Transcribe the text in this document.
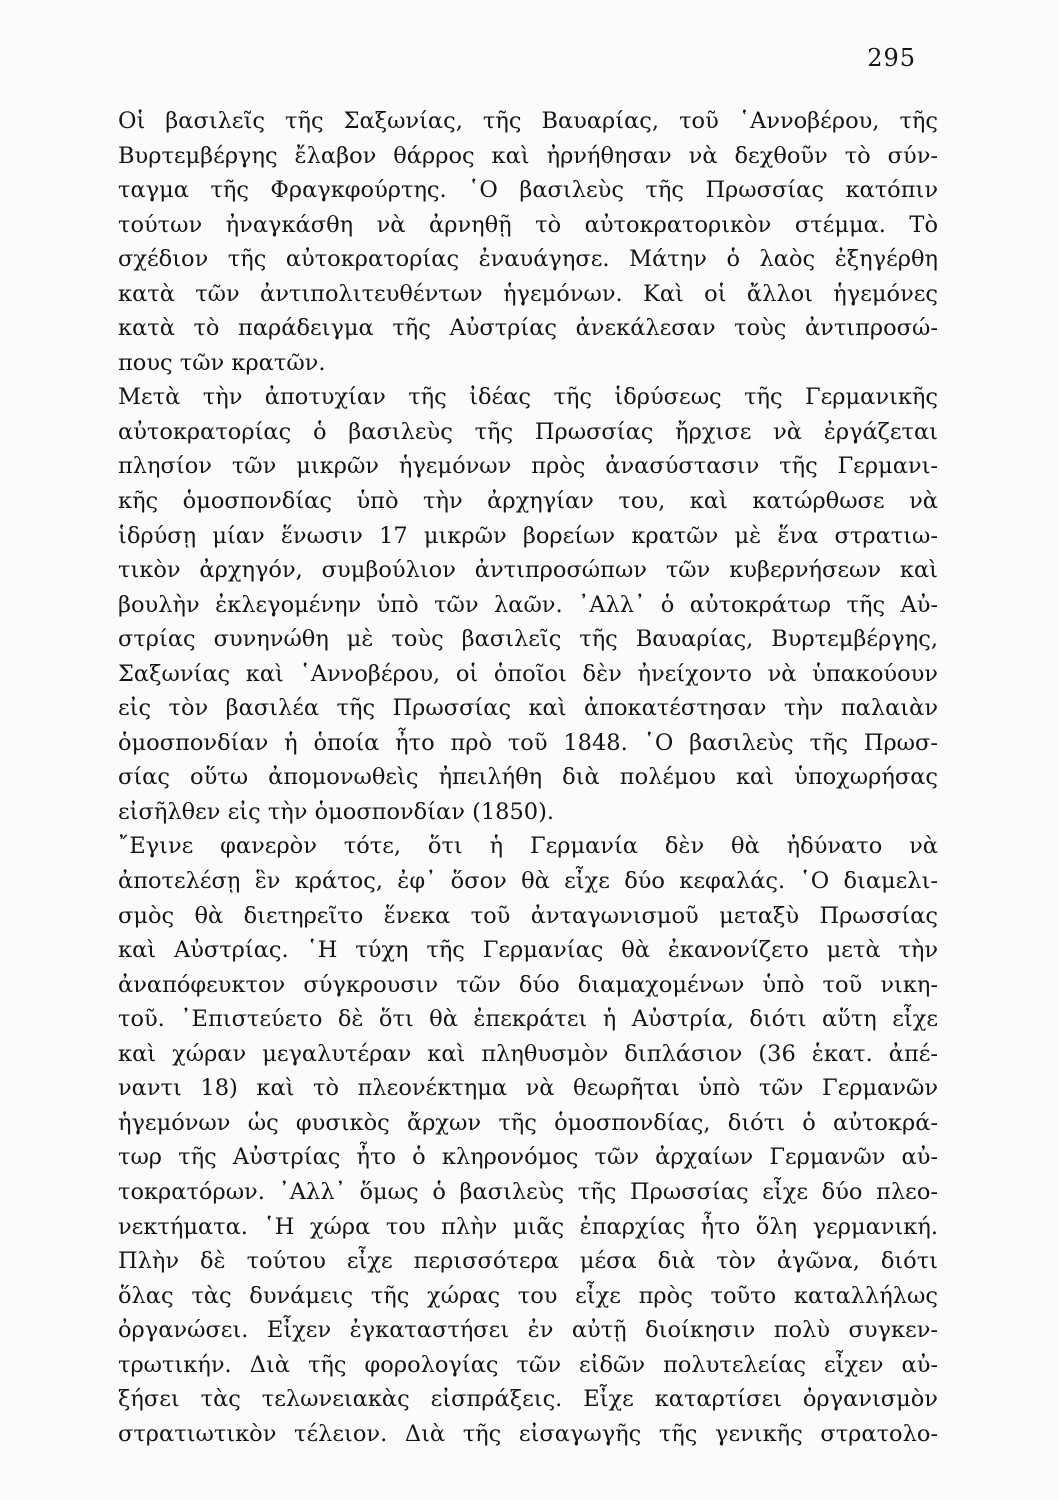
295
Οἱ βασιλεῖς τῆς Σαξωνίας, τῆς Βαυαρίας, τοῦ ῾Αννοβέρου, τῆς
Βυρτεμβέργης ἔλαβον θάρρος καὶ ἠρνήθησαν νὰ δεχθοῦν τὸ σύν-
ταγμα τῆς Φραγκφούρτης. ῾Ο βασιλεὺς τῆς Πρωσσίας κατόπιν
τούτων ἠναγκάσθη νὰ ἀρνηθῇ τὸ αὐτοκρατορικὸν στέμμα. Τὸ
σχέδιον τῆς αὐτοκρατορίας ἐναυάγησε. Μάτην ὁ λαὸς ἐξηγέρθη
κατὰ τῶν ἀντιπολιτευθέντων ἡγεμόνων. Καὶ οἱ ἄλλοι ἡγεμόνες
κατὰ τὸ παράδειγμα τῆς Αὐστρίας ἀνεκάλεσαν τοὺς ἀντιπροσώ-
πους τῶν κρατῶν.
Μετὰ τὴν ἀποτυχίαν τῆς ἰδέας τῆς ἱδρύσεως τῆς Γερμανικῆς
αὐτοκρατορίας ὁ βασιλεὺς τῆς Πρωσσίας ἤρχισε νὰ ἐργάζεται
πλησίον τῶν μικρῶν ἡγεμόνων πρὸς ἀνασύστασιν τῆς Γερμανι-
κῆς ὁμοσπονδίας ὑπὸ τὴν ἀρχηγίαν του, καὶ κατώρθωσε νὰ
ἱδρύσῃ μίαν ἕνωσιν 17 μικρῶν βορείων κρατῶν μὲ ἕνα στρατιω-
τικὸν ἀρχηγόν, συμβούλιον ἀντιπροσώπων τῶν κυβερνήσεων καὶ
βουλὴν ἐκλεγομένην ὑπὸ τῶν λαῶν. ᾿Αλλ᾿ ὁ αὐτοκράτωρ τῆς Αὐ-
στρίας συνηνώθη μὲ τοὺς βασιλεῖς τῆς Βαυαρίας, Βυρτεμβέργης,
Σαξωνίας καὶ ῾Αννοβέρου, οἱ ὁποῖοι δὲν ἠνείχοντο νὰ ὑπακούουν
εἰς τὸν βασιλέα τῆς Πρωσσίας καὶ ἀποκατέστησαν τὴν παλαιὰν
ὁμοσπονδίαν ἡ ὁποία ἦτο πρὸ τοῦ 1848. ῾Ο βασιλεὺς τῆς Πρωσ-
σίας οὕτω ἀπομονωθεὶς ἠπειλήθη διὰ πολέμου καὶ ὑποχωρήσας
εἰσῆλθεν εἰς τὴν ὁμοσπονδίαν (1850).
῎Εγινε φανερὸν τότε, ὅτι ἡ Γερμανία δὲν θὰ ἠδύνατο νὰ
ἀποτελέσῃ ἓν κράτος, ἐφ᾿ ὅσον θὰ εἶχε δύο κεφαλάς. ῾Ο διαμελι-
σμὸς θὰ διετηρεῖτο ἕνεκα τοῦ ἀνταγωνισμοῦ μεταξὺ Πρωσσίας
καὶ Αὐστρίας. ῾Η τύχη τῆς Γερμανίας θὰ ἐκανονίζετο μετὰ τὴν
ἀναπόφευκτον σύγκρουσιν τῶν δύο διαμαχομένων ὑπὸ τοῦ νικη-
τοῦ. ᾿Επιστεύετο δὲ ὅτι θὰ ἐπεκράτει ἡ Αὐστρία, διότι αὕτη εἶχε
καὶ χώραν μεγαλυτέραν καὶ πληθυσμὸν διπλάσιον (36 ἑκατ. ἀπέ-
ναντι 18) καὶ τὸ πλεονέκτημα νὰ θεωρῆται ὑπὸ τῶν Γερμανῶν
ἡγεμόνων ὡς φυσικὸς ἄρχων τῆς ὁμοσπονδίας, διότι ὁ αὐτοκρά-
τωρ τῆς Αὐστρίας ἦτο ὁ κληρονόμος τῶν ἀρχαίων Γερμανῶν αὐ-
τοκρατόρων. ᾿Αλλ᾿ ὅμως ὁ βασιλεὺς τῆς Πρωσσίας εἶχε δύο πλεο-
νεκτήματα. ῾Η χώρα του πλὴν μιᾶς ἐπαρχίας ἦτο ὅλη γερμανική.
Πλὴν δὲ τούτου εἶχε περισσότερα μέσα διὰ τὸν ἀγῶνα, διότι
ὅλας τὰς δυνάμεις τῆς χώρας του εἶχε πρὸς τοῦτο καταλλήλως
ὀργανώσει. Εἶχεν ἐγκαταστήσει ἐν αὐτῇ διοίκησιν πολὺ συγκεν-
τρωτικήν. Διὰ τῆς φορολογίας τῶν εἰδῶν πολυτελείας εἶχεν αὐ-
ξήσει τὰς τελωνειακὰς εἰσπράξεις. Εἶχε καταρτίσει ὀργανισμὸν
στρατιωτικὸν τέλειον. Διὰ τῆς εἰσαγωγῆς τῆς γενικῆς στρατολο-
